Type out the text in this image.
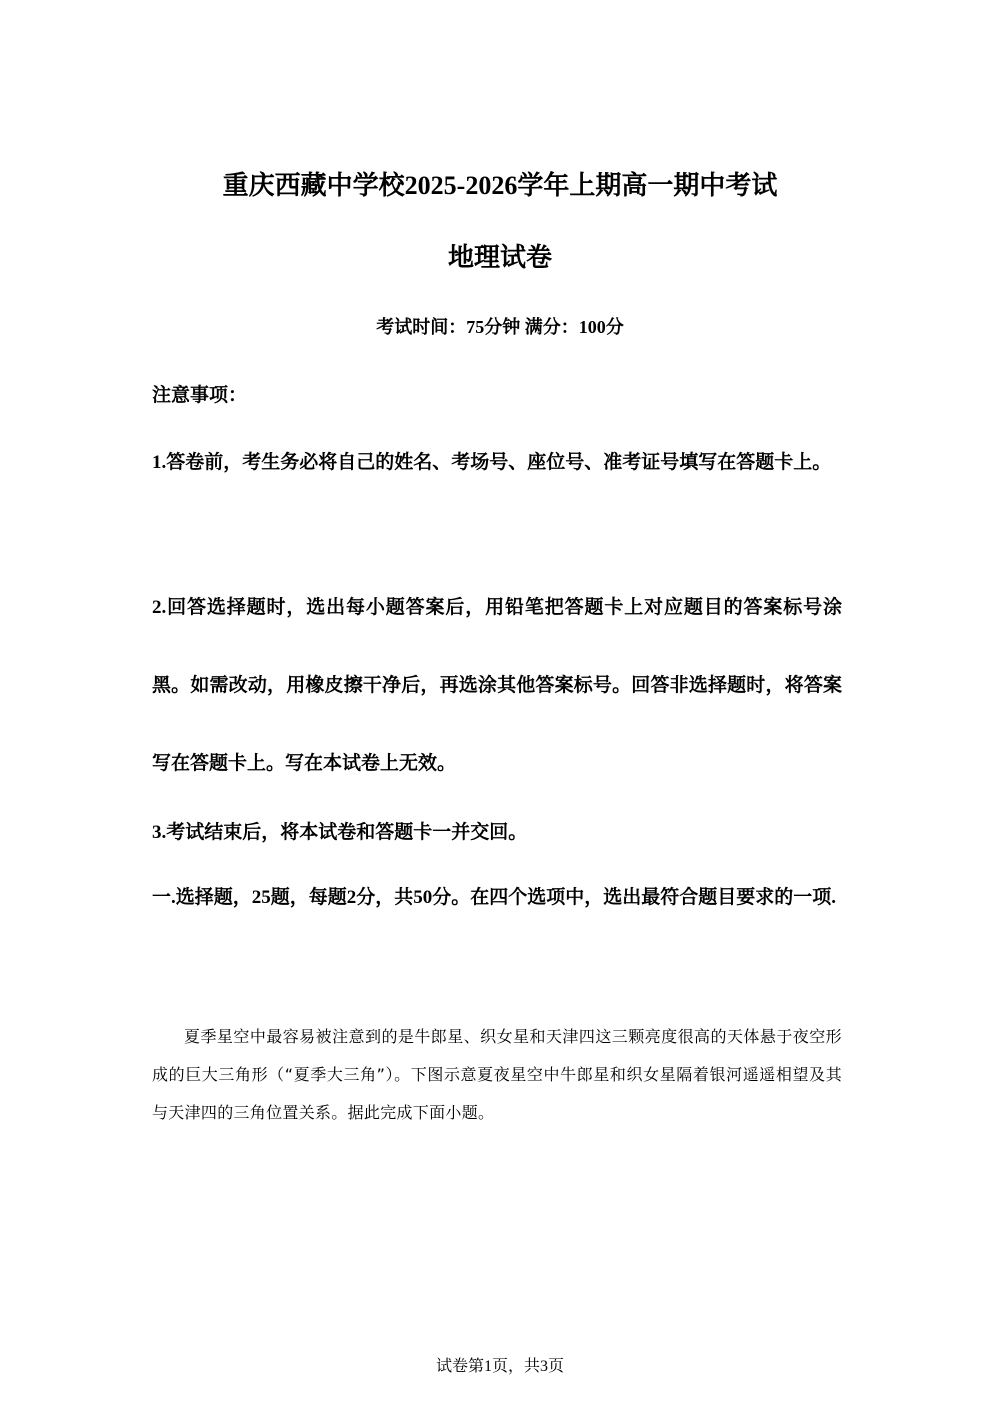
重庆西藏中学校2025-2026学年上期高一期中考试
地理试卷

考试时间：75分钟 满分：100分

注意事项：

1.答卷前，考生务必将自己的姓名、考场号、座位号、准考证号填写在答题卡上。

2.回答选择题时，选出每小题答案后，用铅笔把答题卡上对应题目的答案标号涂黑。如需改动，用橡皮擦干净后，再选涂其他答案标号。回答非选择题时，将答案写在答题卡上。写在本试卷上无效。

3.考试结束后，将本试卷和答题卡一并交回。

一.选择题，25题，每题2分，共50分。在四个选项中，选出最符合题目要求的一项.

夏季星空中最容易被注意到的是牛郎星、织女星和天津四这三颗亮度很高的天体悬于夜空形成的巨大三角形（“夏季大三角”）。下图示意夏夜星空中牛郎星和织女星隔着银河遥遥相望及其与天津四的三角位置关系。据此完成下面小题。

试卷第1页，共3页
